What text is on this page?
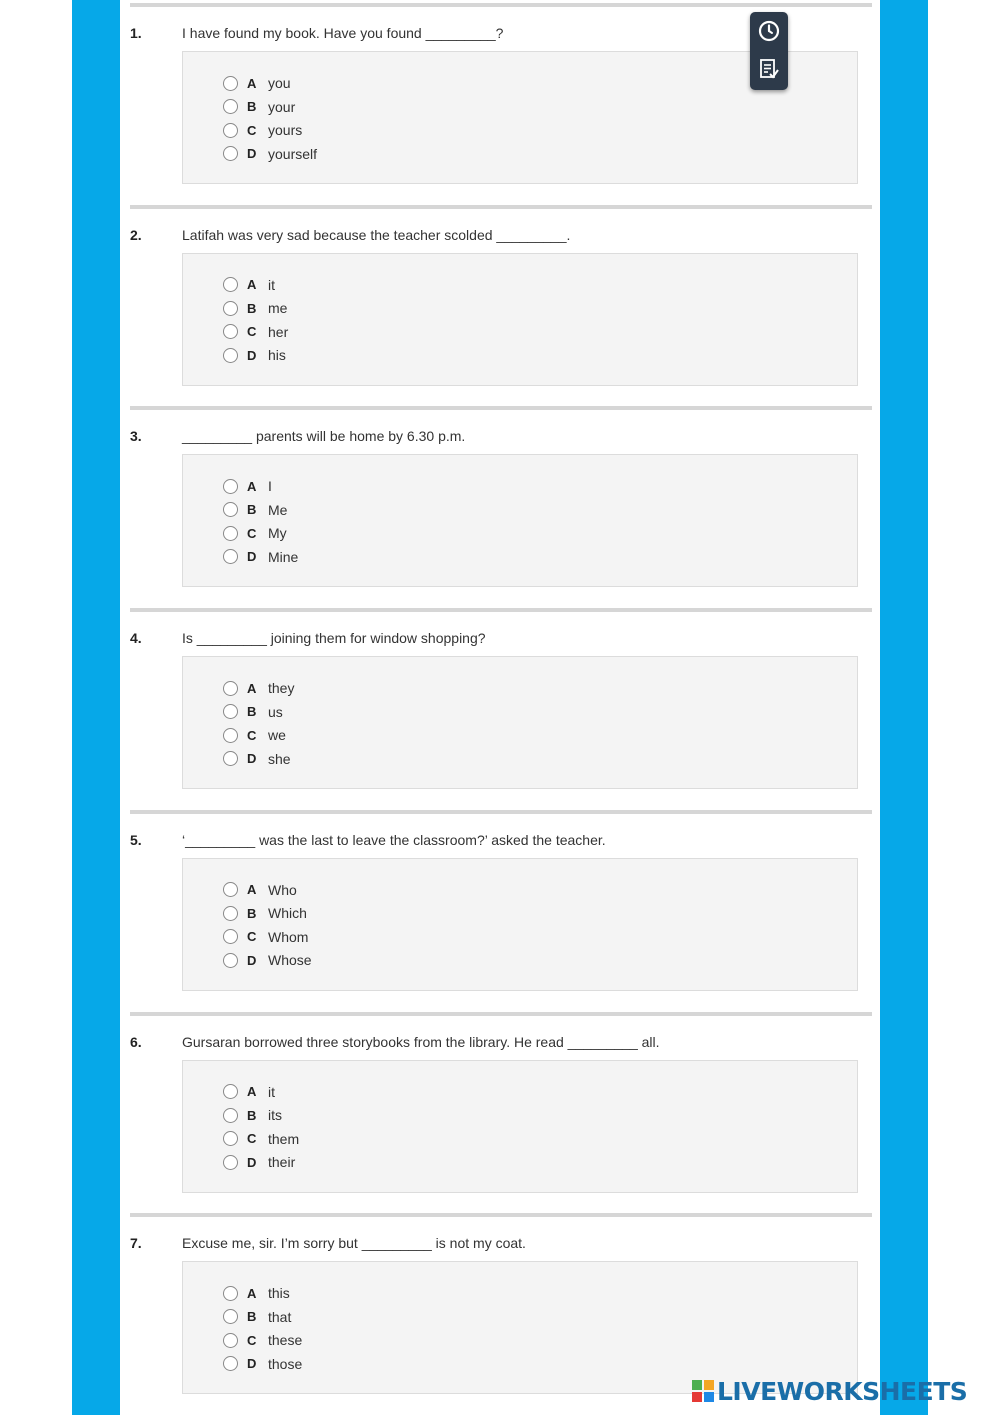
1.	I have found my book. Have you found _________?
A you
B your
C yours
D yourself
2.	Latifah was very sad because the teacher scolded _________.
A it
B me
C her
D his
3.	_________ parents will be home by 6.30 p.m.
A I
B Me
C My
D Mine
4.	Is _________ joining them for window shopping?
A they
B us
C we
D she
5.	‘_________ was the last to leave the classroom?’ asked the teacher.
A Who
B Which
C Whom
D Whose
6.	Gursaran borrowed three storybooks from the library. He read _________ all.
A it
B its
C them
D their
7.	Excuse me, sir. I’m sorry but _________ is not my coat.
A this
B that
C these
D those
LIVEWORKSHEETS
